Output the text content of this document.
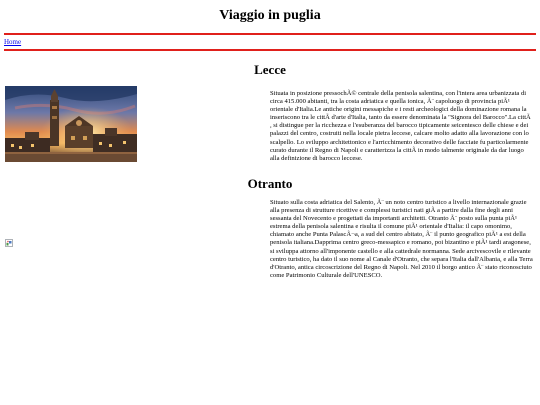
Viaggio in puglia
Home
Lecce

Situata in posizione pressochÃ© centrale della penisola salentina, con l'intera area urbanizzata di circa 415.000 abitanti, tra la costa adriatica e quella ionica, Ã¨ capoluogo di provincia piÃ¹ orientale d'Italia.Le antiche origini messapiche e i resti archeologici della dominazione romana la inseriscono tra le cittÃ d'arte d'Italia, tanto da essere denominata la "Signora del Barocco".La cittÃ , si distingue per la ricchezza e l'esuberanza del barocco tipicamente seicentesco delle chiese e dei palazzi del centro, costruiti nella locale pietra leccese, calcare molto adatto alla lavorazione con lo scalpello. Lo sviluppo architettonico e l'arricchimento decorativo delle facciate fu particolarmente curato durante il Regno di Napoli e caratterizza la cittÃ in modo talmente originale da dar luogo alla definizione di barocco leccese.

Otranto

Situato sulla costa adriatica del Salento, Ã¨ un noto centro turistico a livello internazionale grazie alla presenza di strutture ricettive e complessi turistici nati giÃ a partire dalla fine degli anni sessanta del Novecento e progettati da importanti architetti. Otranto Ã¨ posto sulla punta piÃ¹ estrema della penisola salentina e risulta il comune piÃ¹ orientale d'Italia: il capo omonimo, chiamato anche Punta PalascÃ¬a, a sud del centro abitato, Ã¨ il punto geografico piÃ¹ a est della penisola italiana.Dapprima centro greco-messapico e romano, poi bizantino e piÃ¹ tardi aragonese, si sviluppa attorno all'imponente castello e alla cattedrale normanna. Sede arcivescovile e rilevante centro turistico, ha dato il suo nome al Canale d'Otranto, che separa l'Italia dall'Albania, e alla Terra d'Otranto, antica circoscrizione del Regno di Napoli. Nel 2010 il borgo antico Ã¨ stato riconosciuto come Patrimonio Culturale dell'UNESCO.
